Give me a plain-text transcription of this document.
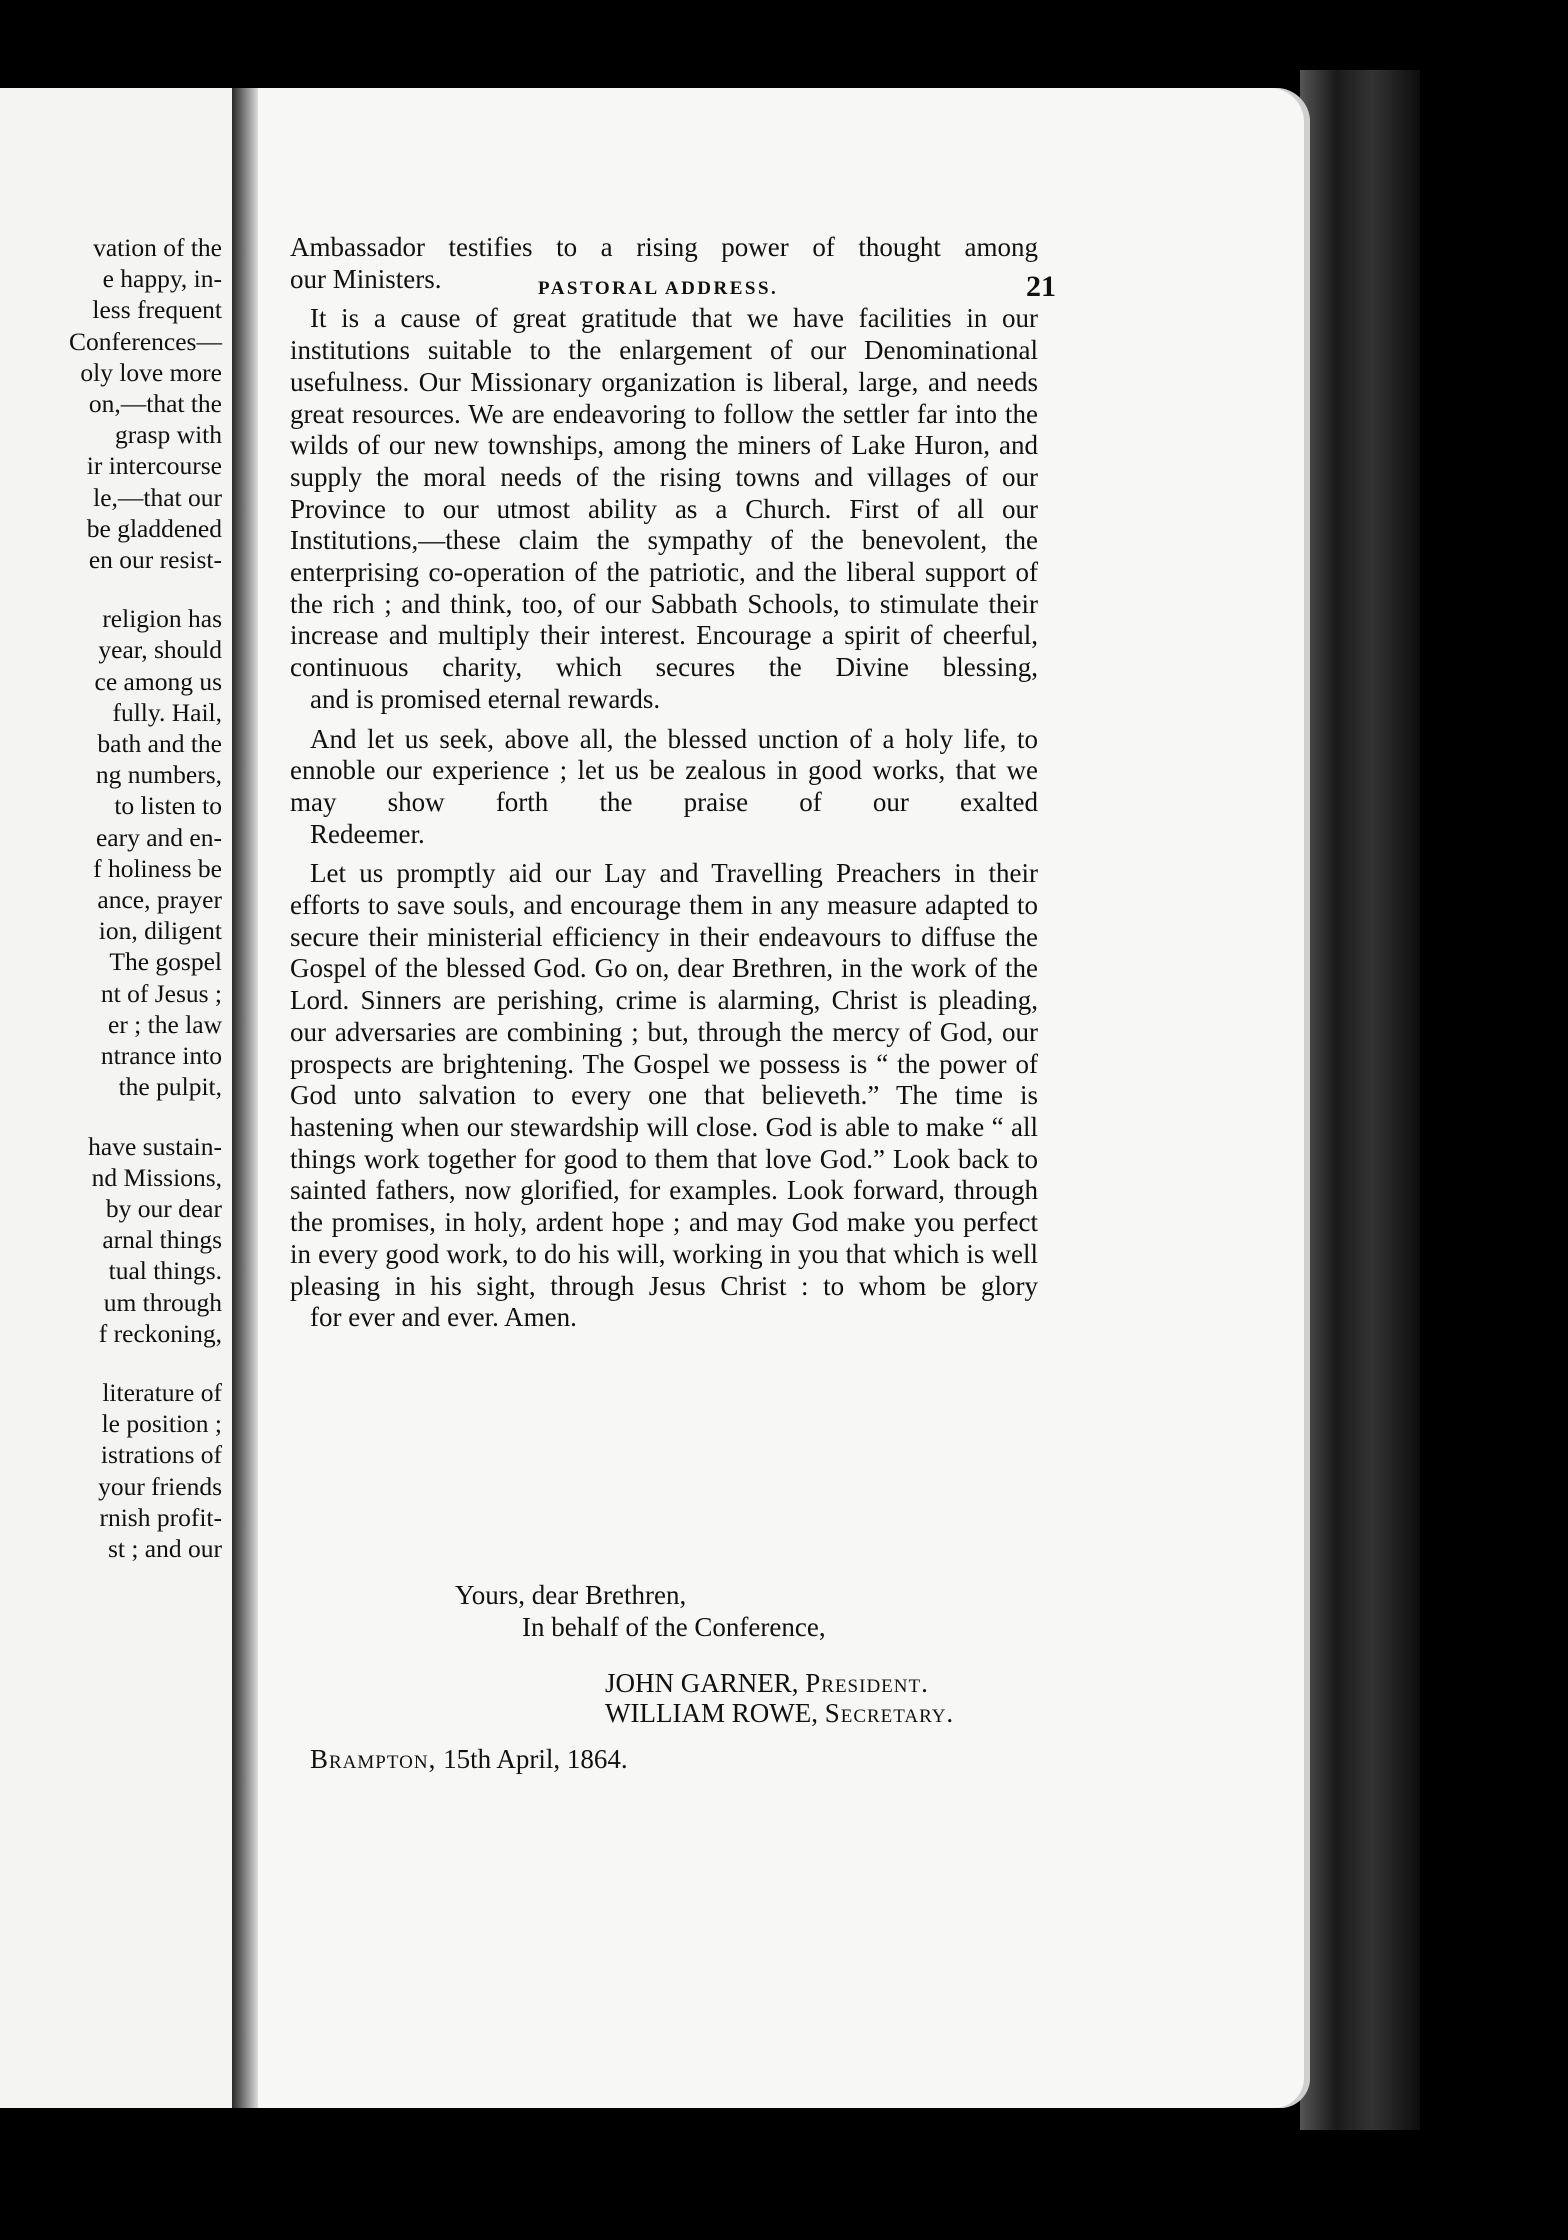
vation of the
e happy, in-
less frequent
Conferences—
oly love more
on,—that the
grasp with
ir intercourse
le,—that our
be gladdened
en our resist-
religion has
year, should
ce among us
fully. Hail,
bath and the
ng numbers,
to listen to
eary and en-
f holiness be
ance, prayer
ion, diligent
The gospel
nt of Jesus ;
er ; the law
ntrance into
the pulpit,
have sustain-
nd Missions,
by our dear
arnal things
tual things.
um through
f reckoning,
literature of
le position ;
istrations of
your friends
rnish profit-
st ; and our
PASTORAL ADDRESS.	21

Ambassador testifies to a rising power of thought among
our Ministers.

It is a cause of great gratitude that we have facilities in our institutions suitable to the enlargement of our Denominational usefulness. Our Missionary organization is liberal, large, and needs great resources. We are endeavoring to follow the settler far into the wilds of our new townships, among the miners of Lake Huron, and supply the moral needs of the rising towns and villages of our Province to our utmost ability as a Church. First of all our Institutions,—these claim the sympathy of the benevolent, the enterprising co-operation of the patriotic, and the liberal support of the rich ; and think, too, of our Sabbath Schools, to stimulate their increase and multiply their interest. Encourage a spirit of cheerful, continuous charity, which secures the Divine blessing,
and is promised eternal rewards.

And let us seek, above all, the blessed unction of a holy life, to ennoble our experience ; let us be zealous in good works, that we may show forth the praise of our exalted
Redeemer.

Let us promptly aid our Lay and Travelling Preachers in their efforts to save souls, and encourage them in any measure adapted to secure their ministerial efficiency in their endeavours to diffuse the Gospel of the blessed God. Go on, dear Brethren, in the work of the Lord. Sinners are perishing, crime is alarming, Christ is pleading, our adversaries are combining ; but, through the mercy of God, our prospects are brightening. The Gospel we possess is “ the power of God unto salvation to every one that believeth.” The time is hastening when our stewardship will close. God is able to make “ all things work together for good to them that love God.” Look back to sainted fathers, now glorified, for examples. Look forward, through the promises, in holy, ardent hope ; and may God make you perfect in every good work, to do his will, working in you that which is well pleasing in his sight, through Jesus Christ : to whom be glory
for ever and ever. Amen.

Yours, dear Brethren,
In behalf of the Conference,
JOHN GARNER, President.
WILLIAM ROWE, Secretary.
Brampton, 15th April, 1864.
